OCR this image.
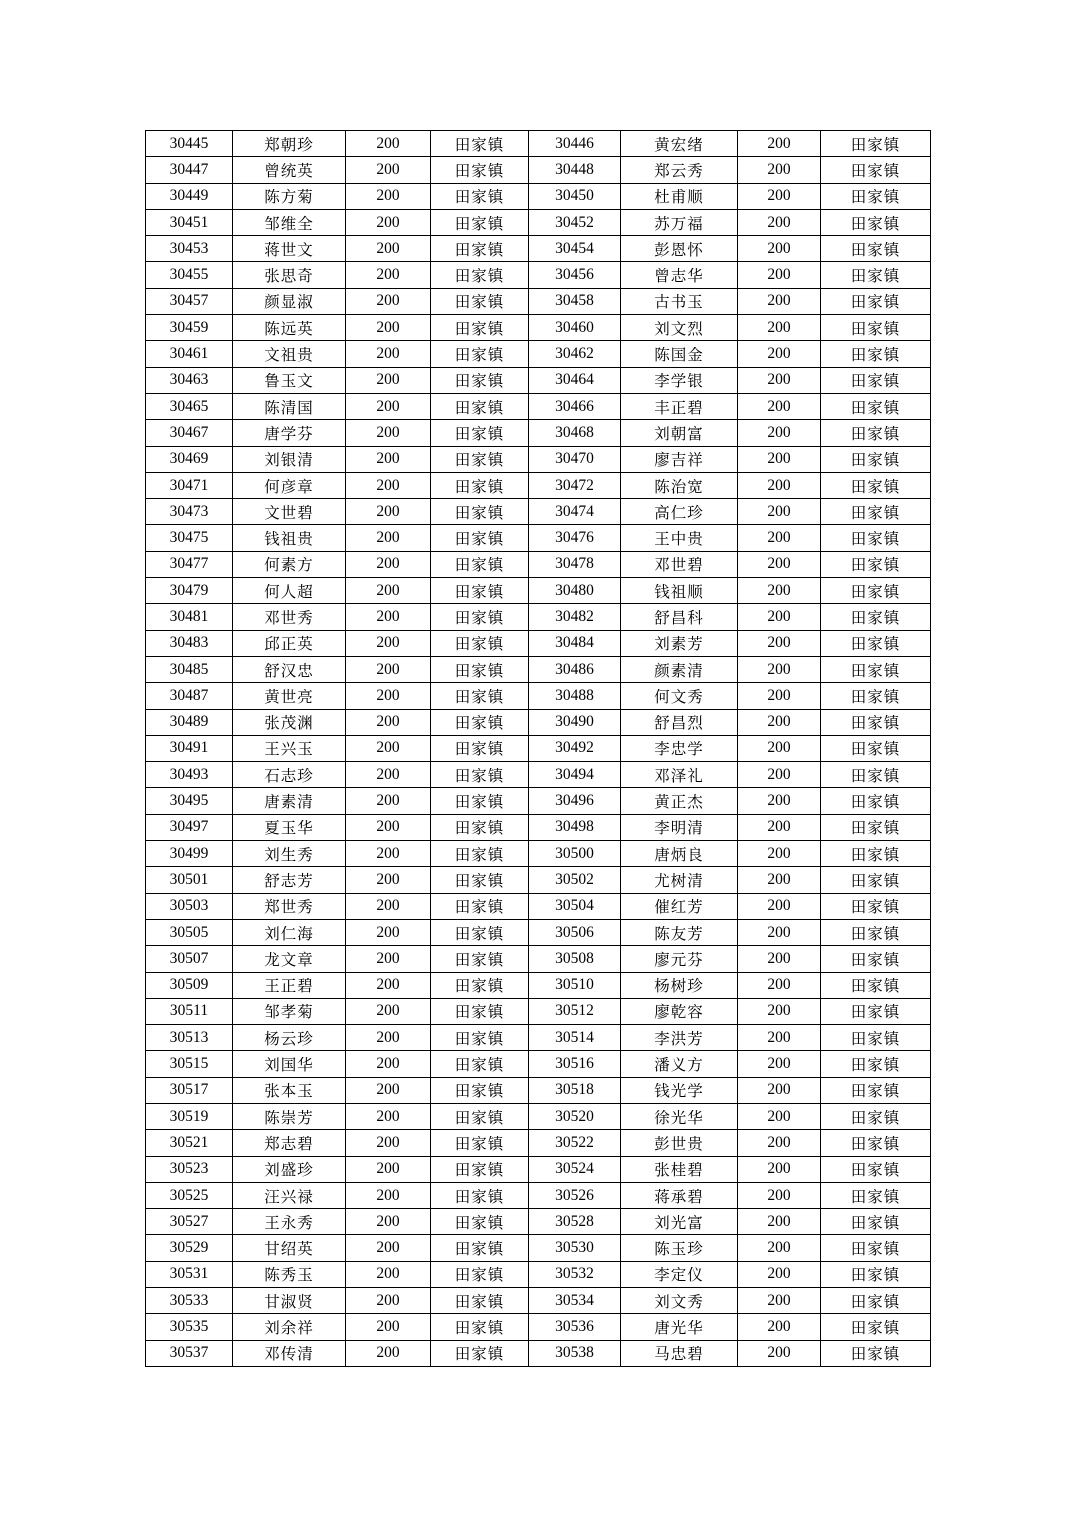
30445	郑朝珍	200	田家镇	30446	黄宏绪	200	田家镇
30447	曾统英	200	田家镇	30448	郑云秀	200	田家镇
30449	陈方菊	200	田家镇	30450	杜甫顺	200	田家镇
30451	邹维全	200	田家镇	30452	苏万福	200	田家镇
30453	蒋世文	200	田家镇	30454	彭恩怀	200	田家镇
30455	张思奇	200	田家镇	30456	曾志华	200	田家镇
30457	颜显淑	200	田家镇	30458	古书玉	200	田家镇
30459	陈远英	200	田家镇	30460	刘文烈	200	田家镇
30461	文祖贵	200	田家镇	30462	陈国金	200	田家镇
30463	鲁玉文	200	田家镇	30464	李学银	200	田家镇
30465	陈清国	200	田家镇	30466	丰正碧	200	田家镇
30467	唐学芬	200	田家镇	30468	刘朝富	200	田家镇
30469	刘银清	200	田家镇	30470	廖吉祥	200	田家镇
30471	何彦章	200	田家镇	30472	陈治宽	200	田家镇
30473	文世碧	200	田家镇	30474	高仁珍	200	田家镇
30475	钱祖贵	200	田家镇	30476	王中贵	200	田家镇
30477	何素方	200	田家镇	30478	邓世碧	200	田家镇
30479	何人超	200	田家镇	30480	钱祖顺	200	田家镇
30481	邓世秀	200	田家镇	30482	舒昌科	200	田家镇
30483	邱正英	200	田家镇	30484	刘素芳	200	田家镇
30485	舒汉忠	200	田家镇	30486	颜素清	200	田家镇
30487	黄世亮	200	田家镇	30488	何文秀	200	田家镇
30489	张茂渊	200	田家镇	30490	舒昌烈	200	田家镇
30491	王兴玉	200	田家镇	30492	李忠学	200	田家镇
30493	石志珍	200	田家镇	30494	邓泽礼	200	田家镇
30495	唐素清	200	田家镇	30496	黄正杰	200	田家镇
30497	夏玉华	200	田家镇	30498	李明清	200	田家镇
30499	刘生秀	200	田家镇	30500	唐炳良	200	田家镇
30501	舒志芳	200	田家镇	30502	尤树清	200	田家镇
30503	郑世秀	200	田家镇	30504	催红芳	200	田家镇
30505	刘仁海	200	田家镇	30506	陈友芳	200	田家镇
30507	龙文章	200	田家镇	30508	廖元芬	200	田家镇
30509	王正碧	200	田家镇	30510	杨树珍	200	田家镇
30511	邹孝菊	200	田家镇	30512	廖乾容	200	田家镇
30513	杨云珍	200	田家镇	30514	李洪芳	200	田家镇
30515	刘国华	200	田家镇	30516	潘义方	200	田家镇
30517	张本玉	200	田家镇	30518	钱光学	200	田家镇
30519	陈崇芳	200	田家镇	30520	徐光华	200	田家镇
30521	郑志碧	200	田家镇	30522	彭世贵	200	田家镇
30523	刘盛珍	200	田家镇	30524	张桂碧	200	田家镇
30525	汪兴禄	200	田家镇	30526	蒋承碧	200	田家镇
30527	王永秀	200	田家镇	30528	刘光富	200	田家镇
30529	甘绍英	200	田家镇	30530	陈玉珍	200	田家镇
30531	陈秀玉	200	田家镇	30532	李定仪	200	田家镇
30533	甘淑贤	200	田家镇	30534	刘文秀	200	田家镇
30535	刘余祥	200	田家镇	30536	唐光华	200	田家镇
30537	邓传清	200	田家镇	30538	马忠碧	200	田家镇
